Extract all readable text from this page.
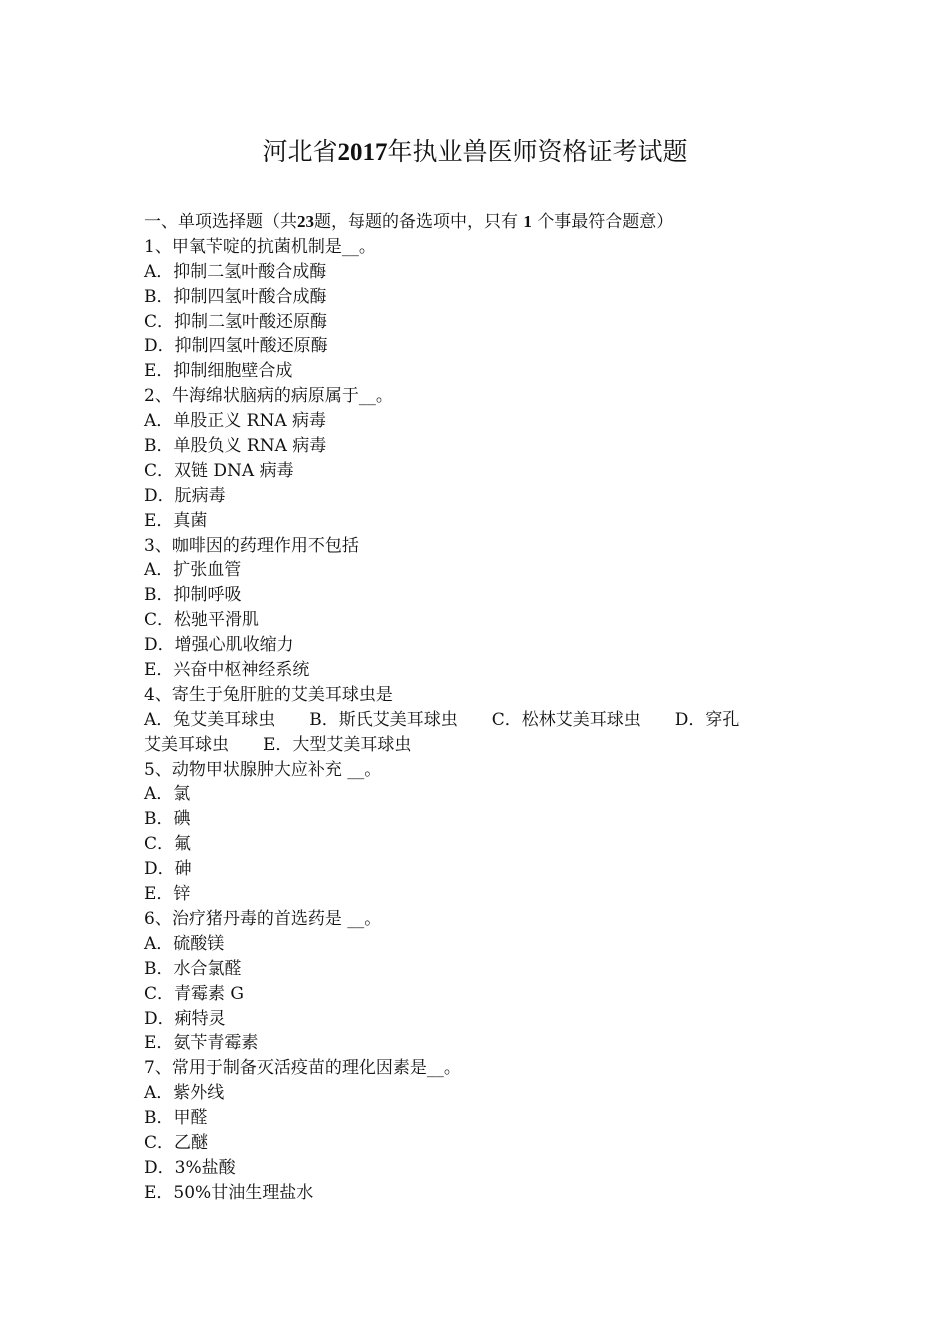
河北省2017年执业兽医师资格证考试题
一、单项选择题（共23题，每题的备选项中，只有 1 个事最符合题意）
1、甲氧苄啶的抗菌机制是__。
A．抑制二氢叶酸合成酶
B．抑制四氢叶酸合成酶
C．抑制二氢叶酸还原酶
D．抑制四氢叶酸还原酶
E．抑制细胞壁合成
2、牛海绵状脑病的病原属于__。
A．单股正义 RNA 病毒
B．单股负义 RNA 病毒
C．双链 DNA 病毒
D．朊病毒
E．真菌
3、咖啡因的药理作用不包括
A．扩张血管
B．抑制呼吸
C．松驰平滑肌
D．增强心肌收缩力
E．兴奋中枢神经系统
4、寄生于兔肝脏的艾美耳球虫是
A．兔艾美耳球虫 B．斯氏艾美耳球虫 C．松林艾美耳球虫 D．穿孔
艾美耳球虫 E．大型艾美耳球虫
5、动物甲状腺肿大应补充 __。
A．氯
B．碘
C．氟
D．砷
E．锌
6、治疗猪丹毒的首选药是 __。
A．硫酸镁
B．水合氯醛
C．青霉素 G
D．痢特灵
E．氨苄青霉素
7、常用于制备灭活疫苗的理化因素是__。
A．紫外线
B．甲醛
C．乙醚
D．3%盐酸
E．50%甘油生理盐水
